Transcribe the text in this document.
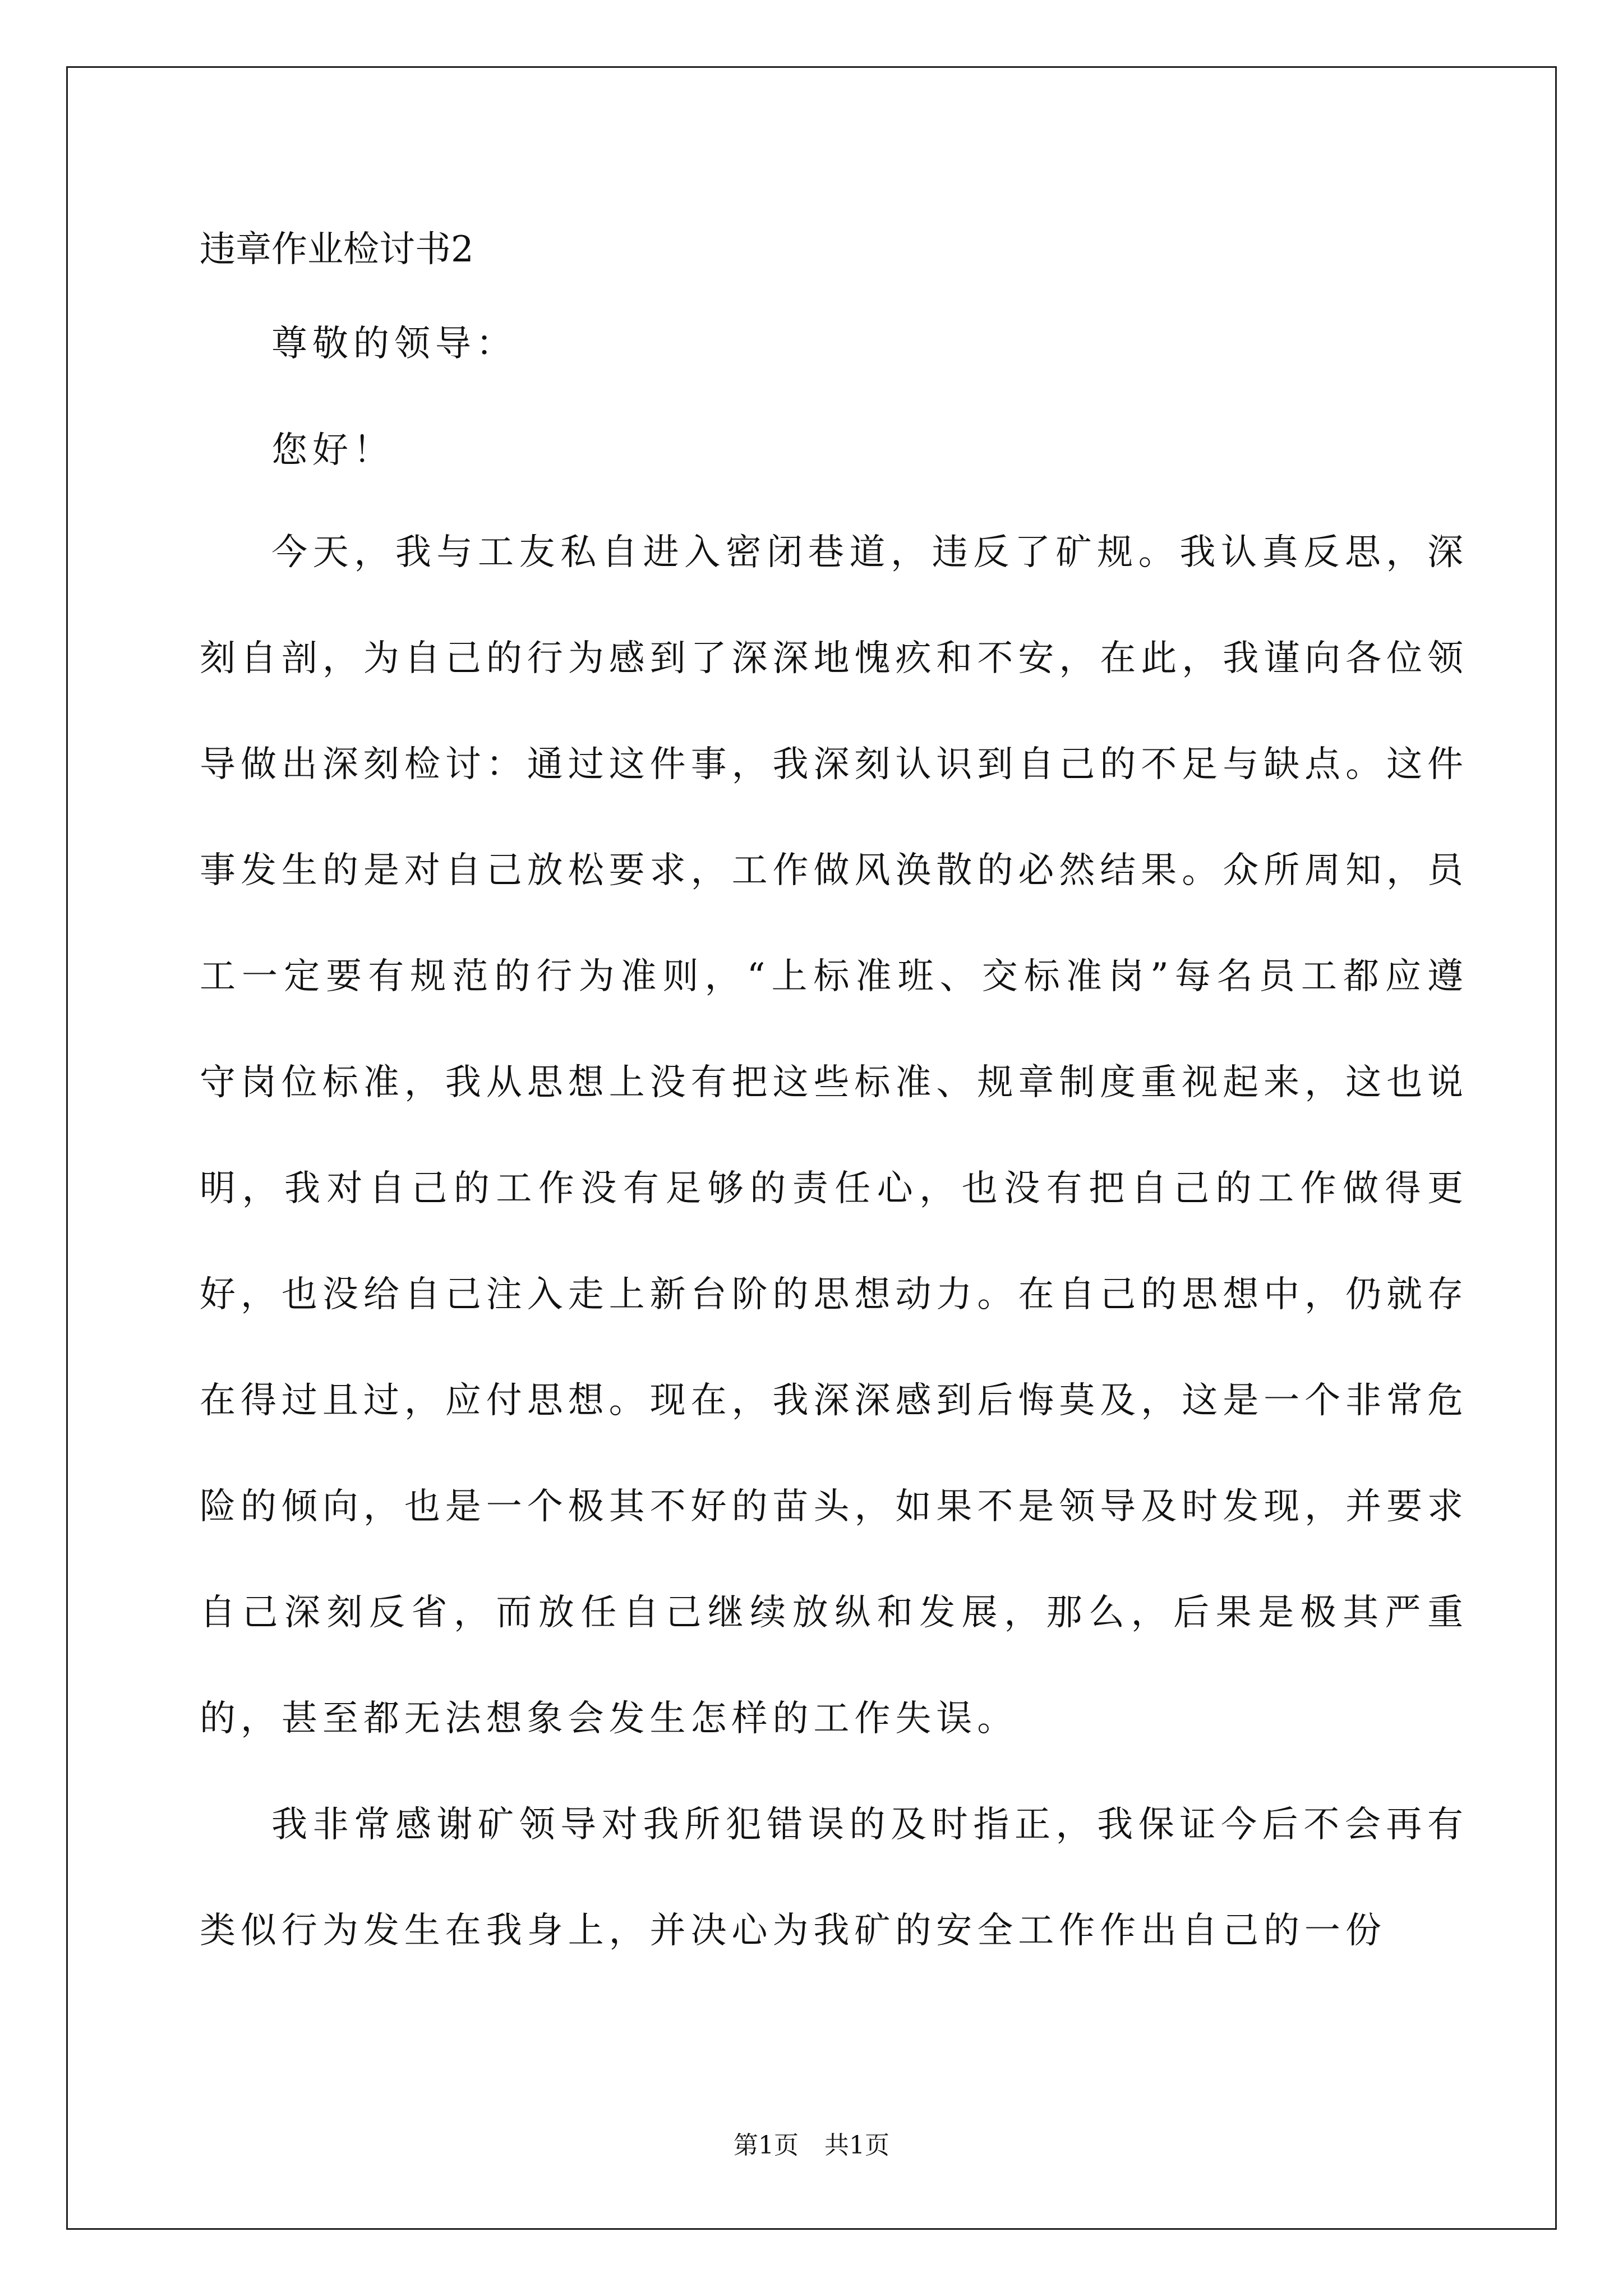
违章作业检讨书2

尊敬的领导：

您好！

今天，我与工友私自进入密闭巷道，违反了矿规。我认真反思，深刻自剖，为自己的行为感到了深深地愧疚和不安，在此，我谨向各位领导做出深刻检讨：通过这件事，我深刻认识到自己的不足与缺点。这件事发生的是对自己放松要求，工作做风涣散的必然结果。众所周知，员工一定要有规范的行为准则，“上标准班、交标准岗”每名员工都应遵守岗位标准，我从思想上没有把这些标准、规章制度重视起来，这也说明，我对自己的工作没有足够的责任心，也没有把自己的工作做得更好，也没给自己注入走上新台阶的思想动力。在自己的思想中，仍就存在得过且过，应付思想。现在，我深深感到后悔莫及，这是一个非常危险的倾向，也是一个极其不好的苗头，如果不是领导及时发现，并要求自己深刻反省，而放任自己继续放纵和发展，那么，后果是极其严重的，甚至都无法想象会发生怎样的工作失误。

我非常感谢矿领导对我所犯错误的及时指正，我保证今后不会再有类似行为发生在我身上，并决心为我矿的安全工作作出自己的一份

第1页 共1页
